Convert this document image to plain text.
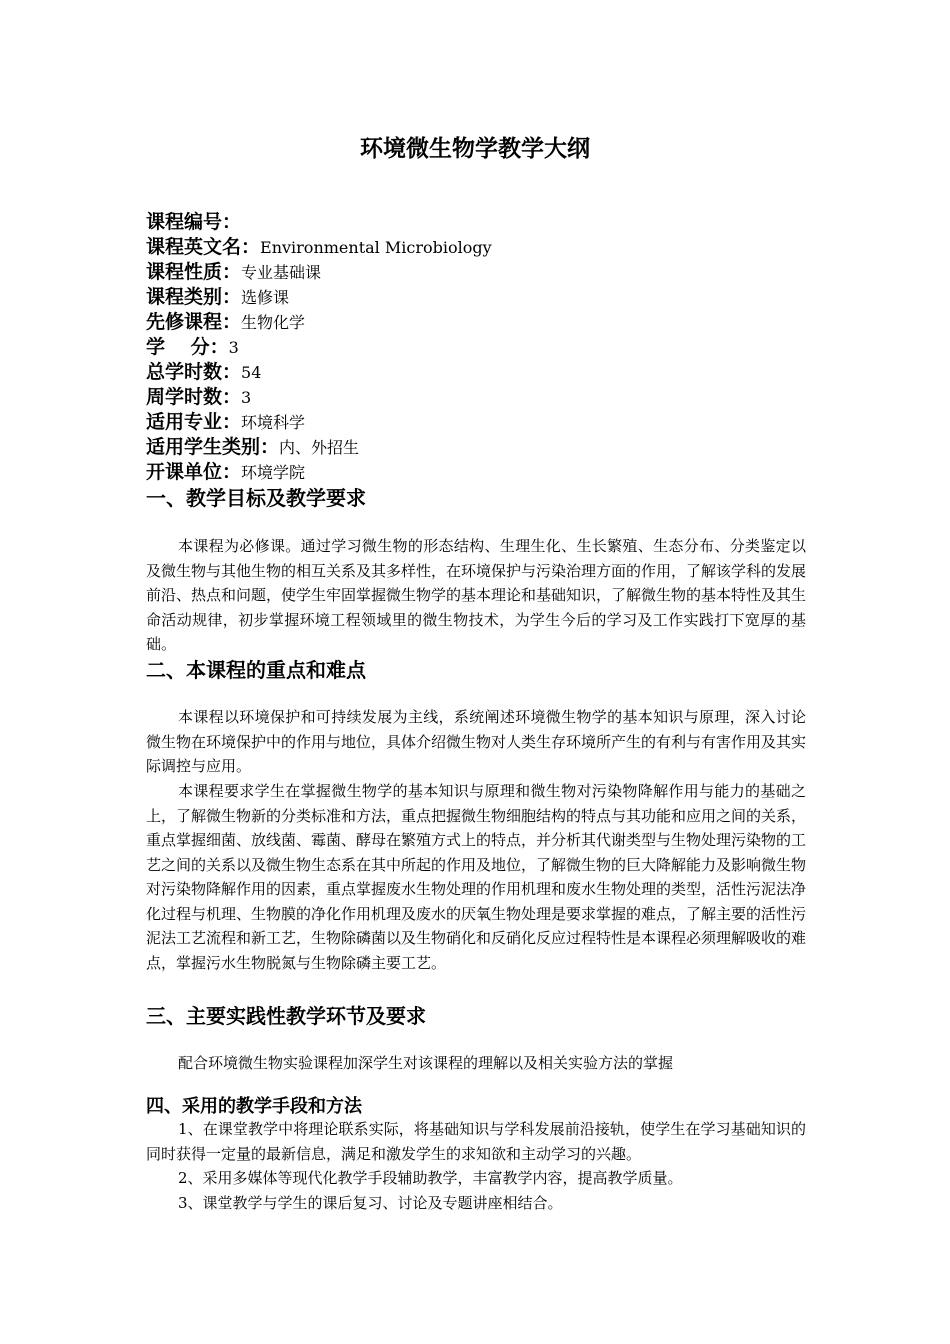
环境微生物学教学大纲
课程编号：
课程英文名：Environmental Microbiology
课程性质：专业基础课
课程类别：选修课
先修课程：生物化学
学　 分：3
总学时数：54
周学时数：3
适用专业：环境科学
适用学生类别：内、外招生
开课单位：环境学院
一、教学目标及教学要求
本课程为必修课。通过学习微生物的形态结构、生理生化、生长繁殖、生态分布、分类鉴定以及微生物与其他生物的相互关系及其多样性，在环境保护与污染治理方面的作用，了解该学科的发展前沿、热点和问题，使学生牢固掌握微生物学的基本理论和基础知识，了解微生物的基本特性及其生命活动规律，初步掌握环境工程领域里的微生物技术，为学生今后的学习及工作实践打下宽厚的基础。
二、本课程的重点和难点
本课程以环境保护和可持续发展为主线，系统阐述环境微生物学的基本知识与原理，深入讨论微生物在环境保护中的作用与地位，具体介绍微生物对人类生存环境所产生的有利与有害作用及其实际调控与应用。
本课程要求学生在掌握微生物学的基本知识与原理和微生物对污染物降解作用与能力的基础之上，了解微生物新的分类标准和方法，重点把握微生物细胞结构的特点与其功能和应用之间的关系，重点掌握细菌、放线菌、霉菌、酵母在繁殖方式上的特点，并分析其代谢类型与生物处理污染物的工艺之间的关系以及微生物生态系在其中所起的作用及地位，了解微生物的巨大降解能力及影响微生物对污染物降解作用的因素，重点掌握废水生物处理的作用机理和废水生物处理的类型，活性污泥法净化过程与机理、生物膜的净化作用机理及废水的厌氧生物处理是要求掌握的难点，了解主要的活性污泥法工艺流程和新工艺，生物除磷菌以及生物硝化和反硝化反应过程特性是本课程必须理解吸收的难点，掌握污水生物脱氮与生物除磷主要工艺。
三、主要实践性教学环节及要求
配合环境微生物实验课程加深学生对该课程的理解以及相关实验方法的掌握
四、采用的教学手段和方法
1、在课堂教学中将理论联系实际，将基础知识与学科发展前沿接轨，使学生在学习基础知识的同时获得一定量的最新信息，满足和激发学生的求知欲和主动学习的兴趣。
2、采用多媒体等现代化教学手段辅助教学，丰富教学内容，提高教学质量。
3、课堂教学与学生的课后复习、讨论及专题讲座相结合。
